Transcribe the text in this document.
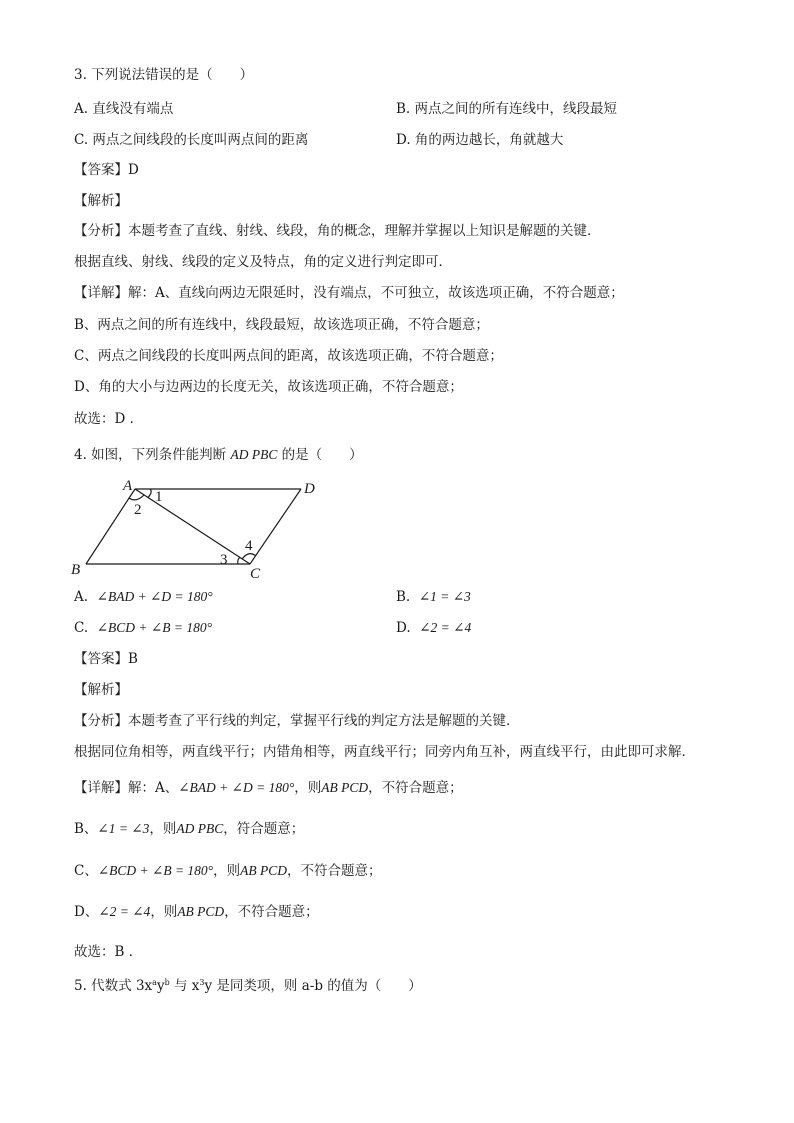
3. 下列说法错误的是（　　）
A. 直线没有端点	B. 两点之间的所有连线中，线段最短
C. 两点之间线段的长度叫两点间的距离	D. 角的两边越长，角就越大
【答案】D
【解析】
【分析】本题考查了直线、射线、线段，角的概念，理解并掌握以上知识是解题的关键．
根据直线、射线、线段的定义及特点，角的定义进行判定即可．
【详解】解：A、直线向两边无限延时，没有端点，不可独立，故该选项正确，不符合题意；
B、两点之间的所有连线中，线段最短，故该选项正确，不符合题意；
C、两点之间线段的长度叫两点间的距离，故该选项正确，不符合题意；
D、角的大小与边两边的长度无关，故该选项正确，不符合题意；
故选：D ．
4. 如图，下列条件能判断 AD PBC 的是（　　）
A	D
B	C
1
2
3
4
A. ∠BAD + ∠D = 180°	B. ∠1 = ∠3
C. ∠BCD + ∠B = 180°	D. ∠2 = ∠4
【答案】B
【解析】
【分析】本题考查了平行线的判定，掌握平行线的判定方法是解题的关键．
根据同位角相等，两直线平行；内错角相等，两直线平行；同旁内角互补，两直线平行，由此即可求解．
【详解】解：A、∠BAD + ∠D = 180°，则AB PCD，不符合题意；
B、∠1 = ∠3，则AD PBC，符合题意；
C、∠BCD + ∠B = 180°，则AB PCD，不符合题意；
D、∠2 = ∠4，则AB PCD，不符合题意；
故选：B ．
5. 代数式 $3x^ay^b$ 与 $x^3y$ 是同类项，则 a-b 的值为（　　）
